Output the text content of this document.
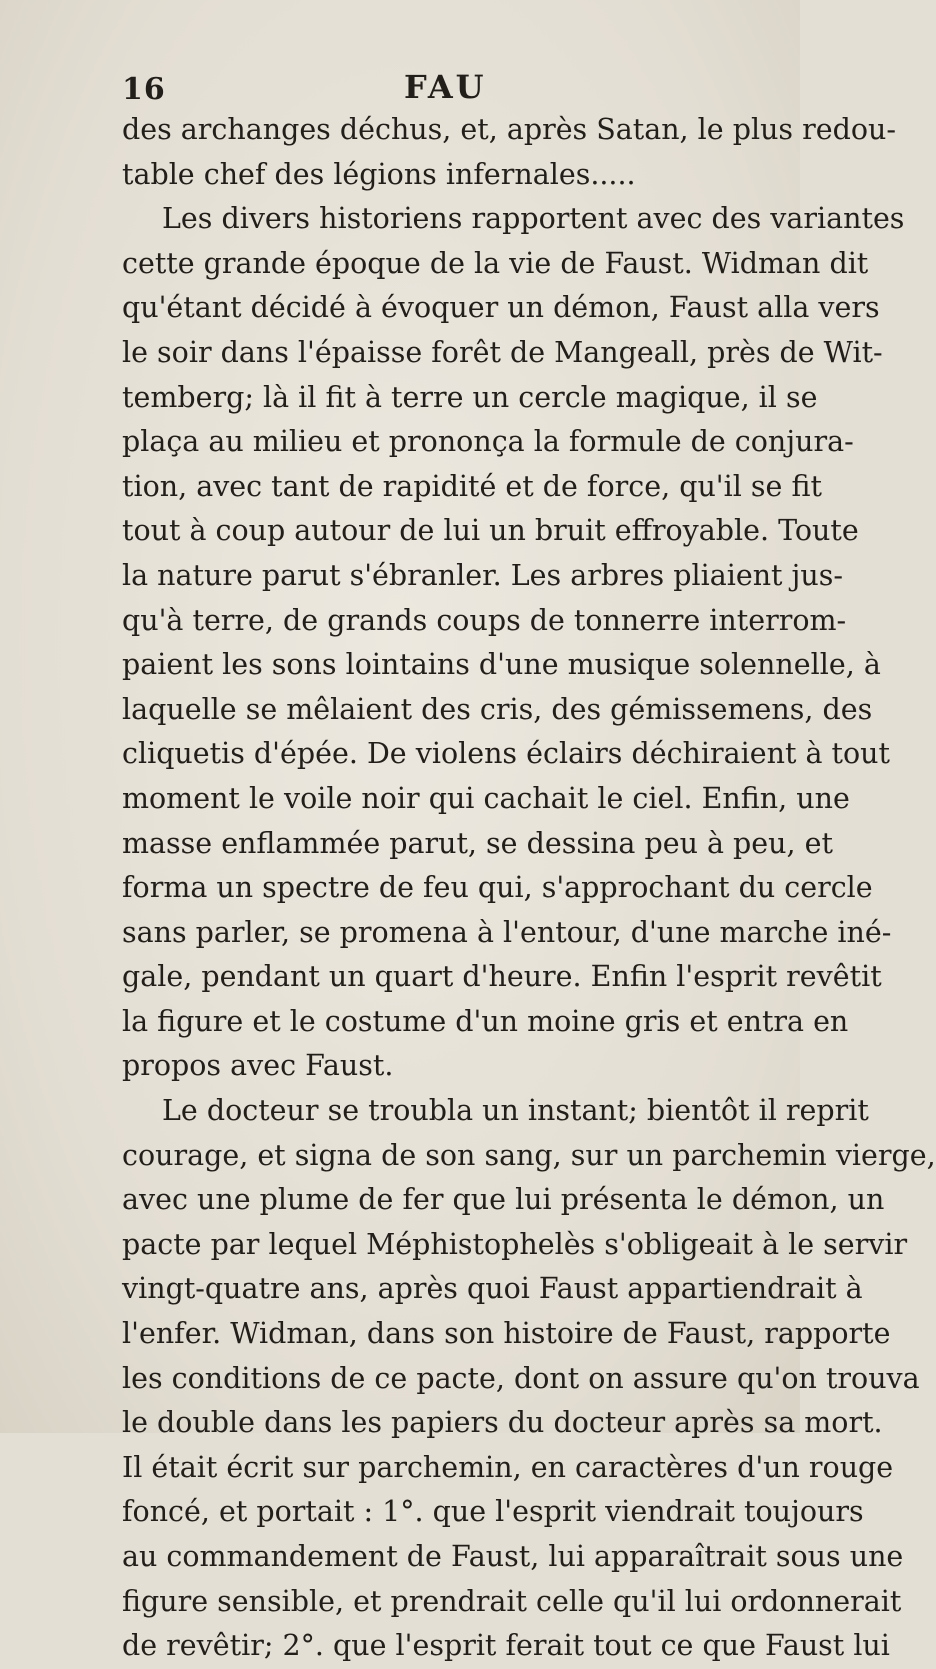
16	FAU
des archanges déchus, et, après Satan, le plus redou-
table chef des légions infernales.....
Les divers historiens rapportent avec des variantes
cette grande époque de la vie de Faust. Widman dit
qu'étant décidé à évoquer un démon, Faust alla vers
le soir dans l'épaisse forêt de Mangeall, près de Wit-
temberg; là il fit à terre un cercle magique, il se
plaça au milieu et prononça la formule de conjura-
tion, avec tant de rapidité et de force, qu'il se fit
tout à coup autour de lui un bruit effroyable. Toute
la nature parut s'ébranler. Les arbres pliaient jus-
qu'à terre, de grands coups de tonnerre interrom-
paient les sons lointains d'une musique solennelle, à
laquelle se mêlaient des cris, des gémissemens, des
cliquetis d'épée. De violens éclairs déchiraient à tout
moment le voile noir qui cachait le ciel. Enfin, une
masse enflammée parut, se dessina peu à peu, et
forma un spectre de feu qui, s'approchant du cercle
sans parler, se promena à l'entour, d'une marche iné-
gale, pendant un quart d'heure. Enfin l'esprit revêtit
la figure et le costume d'un moine gris et entra en
propos avec Faust.
Le docteur se troubla un instant; bientôt il reprit
courage, et signa de son sang, sur un parchemin vierge,
avec une plume de fer que lui présenta le démon, un
pacte par lequel Méphistophelès s'obligeait à le servir
vingt-quatre ans, après quoi Faust appartiendrait à
l'enfer. Widman, dans son histoire de Faust, rapporte
les conditions de ce pacte, dont on assure qu'on trouva
le double dans les papiers du docteur après sa mort.
Il était écrit sur parchemin, en caractères d'un rouge
foncé, et portait : 1°. que l'esprit viendrait toujours
au commandement de Faust, lui apparaîtrait sous une
figure sensible, et prendrait celle qu'il lui ordonnerait
de revêtir; 2°. que l'esprit ferait tout ce que Faust lui
